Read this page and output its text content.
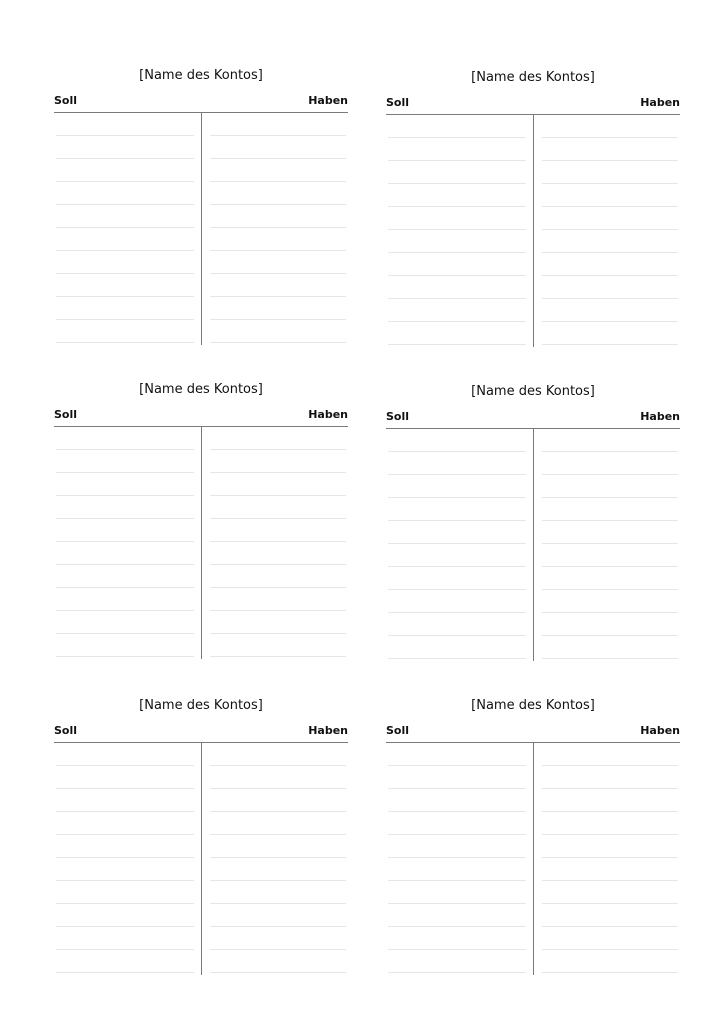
[Name des Kontos]
Soll	Haben
[Name des Kontos]
Soll	Haben
[Name des Kontos]
Soll	Haben
[Name des Kontos]
Soll	Haben
[Name des Kontos]
Soll	Haben
[Name des Kontos]
Soll	Haben
